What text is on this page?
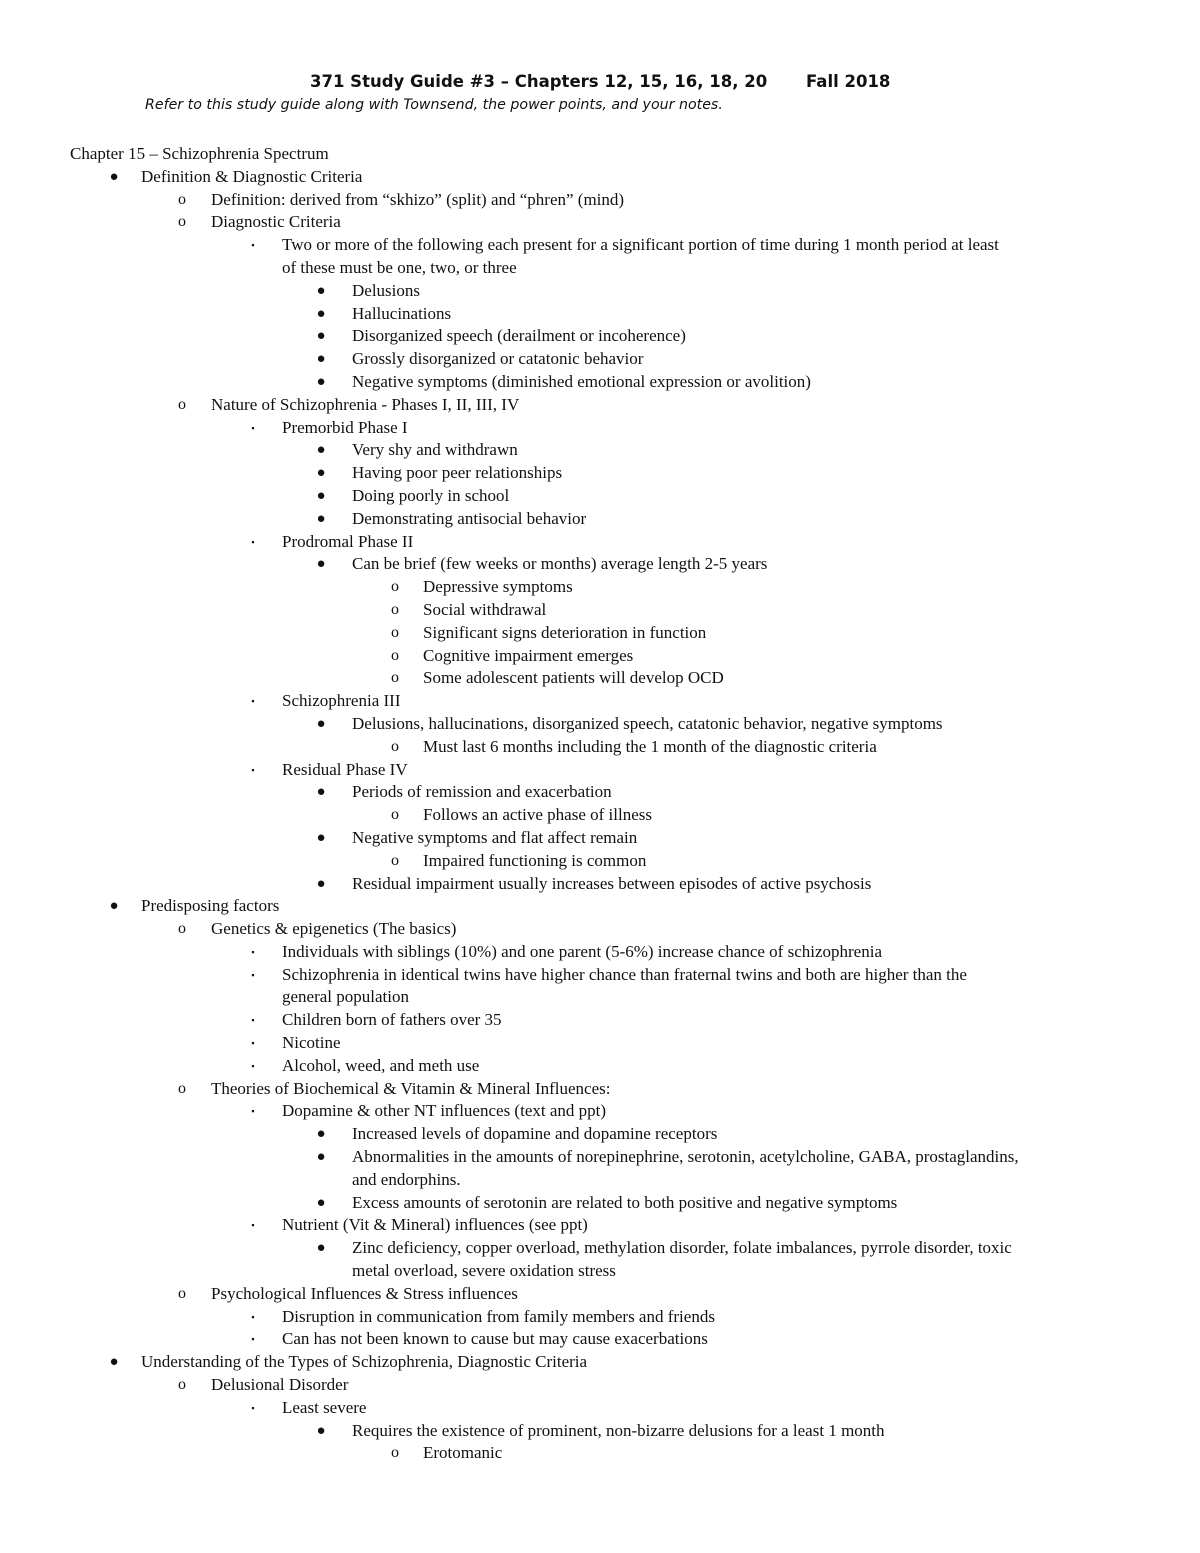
371 Study Guide #3 – Chapters 12, 15, 16, 18, 20	Fall 2018
Refer to this study guide along with Townsend, the power points, and your notes.
Chapter 15 – Schizophrenia Spectrum
● Definition & Diagnostic Criteria
o Definition: derived from “skhizo” (split) and “phren” (mind)
o Diagnostic Criteria
▪	Two or more of the following each present for a significant portion of time during 1 month period at least
of these must be one, two, or three
● Delusions
● Hallucinations
● Disorganized speech (derailment or incoherence)
● Grossly disorganized or catatonic behavior
● Negative symptoms (diminished emotional expression or avolition)
o Nature of Schizophrenia - Phases I, II, III, IV
▪	Premorbid Phase I
● Very shy and withdrawn
● Having poor peer relationships
● Doing poorly in school
● Demonstrating antisocial behavior
▪	Prodromal Phase II
● Can be brief (few weeks or months) average length 2-5 years
o Depressive symptoms
o Social withdrawal
o Significant signs deterioration in function
o Cognitive impairment emerges
o Some adolescent patients will develop OCD
▪	Schizophrenia III
● Delusions, hallucinations, disorganized speech, catatonic behavior, negative symptoms
o Must last 6 months including the 1 month of the diagnostic criteria
▪	Residual Phase IV
● Periods of remission and exacerbation
o Follows an active phase of illness
● Negative symptoms and flat affect remain
o Impaired functioning is common
● Residual impairment usually increases between episodes of active psychosis
● Predisposing factors
o Genetics & epigenetics (The basics)
▪	Individuals with siblings (10%) and one parent (5-6%) increase chance of schizophrenia
▪	Schizophrenia in identical twins have higher chance than fraternal twins and both are higher than the
general population
▪	Children born of fathers over 35
▪	Nicotine
▪	Alcohol, weed, and meth use
o Theories of Biochemical & Vitamin & Mineral Influences:
▪	Dopamine & other NT influences (text and ppt)
● Increased levels of dopamine and dopamine receptors
● Abnormalities in the amounts of norepinephrine, serotonin, acetylcholine, GABA, prostaglandins,
and endorphins.
● Excess amounts of serotonin are related to both positive and negative symptoms
▪	Nutrient (Vit & Mineral) influences (see ppt)
● Zinc deficiency, copper overload, methylation disorder, folate imbalances, pyrrole disorder, toxic
metal overload, severe oxidation stress
o Psychological Influences & Stress influences
▪	Disruption in communication from family members and friends
▪	Can has not been known to cause but may cause exacerbations
● Understanding of the Types of Schizophrenia, Diagnostic Criteria
o Delusional Disorder
▪	Least severe
● Requires the existence of prominent, non-bizarre delusions for a least 1 month
o Erotomanic
